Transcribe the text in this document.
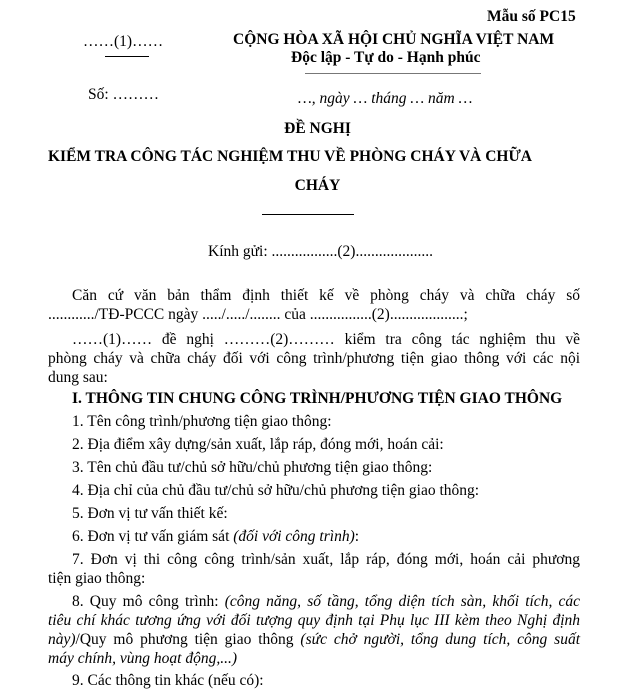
Mẫu số PC15
……(1)……
Số: ………
CỘNG HÒA XÃ HỘI CHỦ NGHĨA VIỆT NAM
Độc lập - Tự do - Hạnh phúc
…, ngày … tháng … năm …
ĐỀ NGHỊ
KIỂM TRA CÔNG TÁC NGHIỆM THU VỀ PHÒNG CHÁY VÀ CHỮA
CHÁY
Kính gửi: .................(2)....................
Căn cứ văn bản thẩm định thiết kế về phòng cháy và chữa cháy số
............/TĐ-PCCC ngày ...../...../........ của ................(2)...................;
……(1)…… đề nghị ………(2)……… kiểm tra công tác nghiệm thu về
phòng cháy và chữa cháy đối với công trình/phương tiện giao thông với các nội
dung sau:
I. THÔNG TIN CHUNG CÔNG TRÌNH/PHƯƠNG TIỆN GIAO THÔNG
1. Tên công trình/phương tiện giao thông:
2. Địa điểm xây dựng/sản xuất, lắp ráp, đóng mới, hoán cải:
3. Tên chủ đầu tư/chủ sở hữu/chủ phương tiện giao thông:
4. Địa chỉ của chủ đầu tư/chủ sở hữu/chủ phương tiện giao thông:
5. Đơn vị tư vấn thiết kế:
6. Đơn vị tư vấn giám sát (đối với công trình):
7. Đơn vị thi công công trình/sản xuất, lắp ráp, đóng mới, hoán cải phương
tiện giao thông:
8. Quy mô công trình: (công năng, số tầng, tổng diện tích sàn, khối tích, các
tiêu chí khác tương ứng với đối tượng quy định tại Phụ lục III kèm theo Nghị định
này)/Quy mô phương tiện giao thông (sức chở người, tổng dung tích, công suất
máy chính, vùng hoạt động,...)
9. Các thông tin khác (nếu có):
